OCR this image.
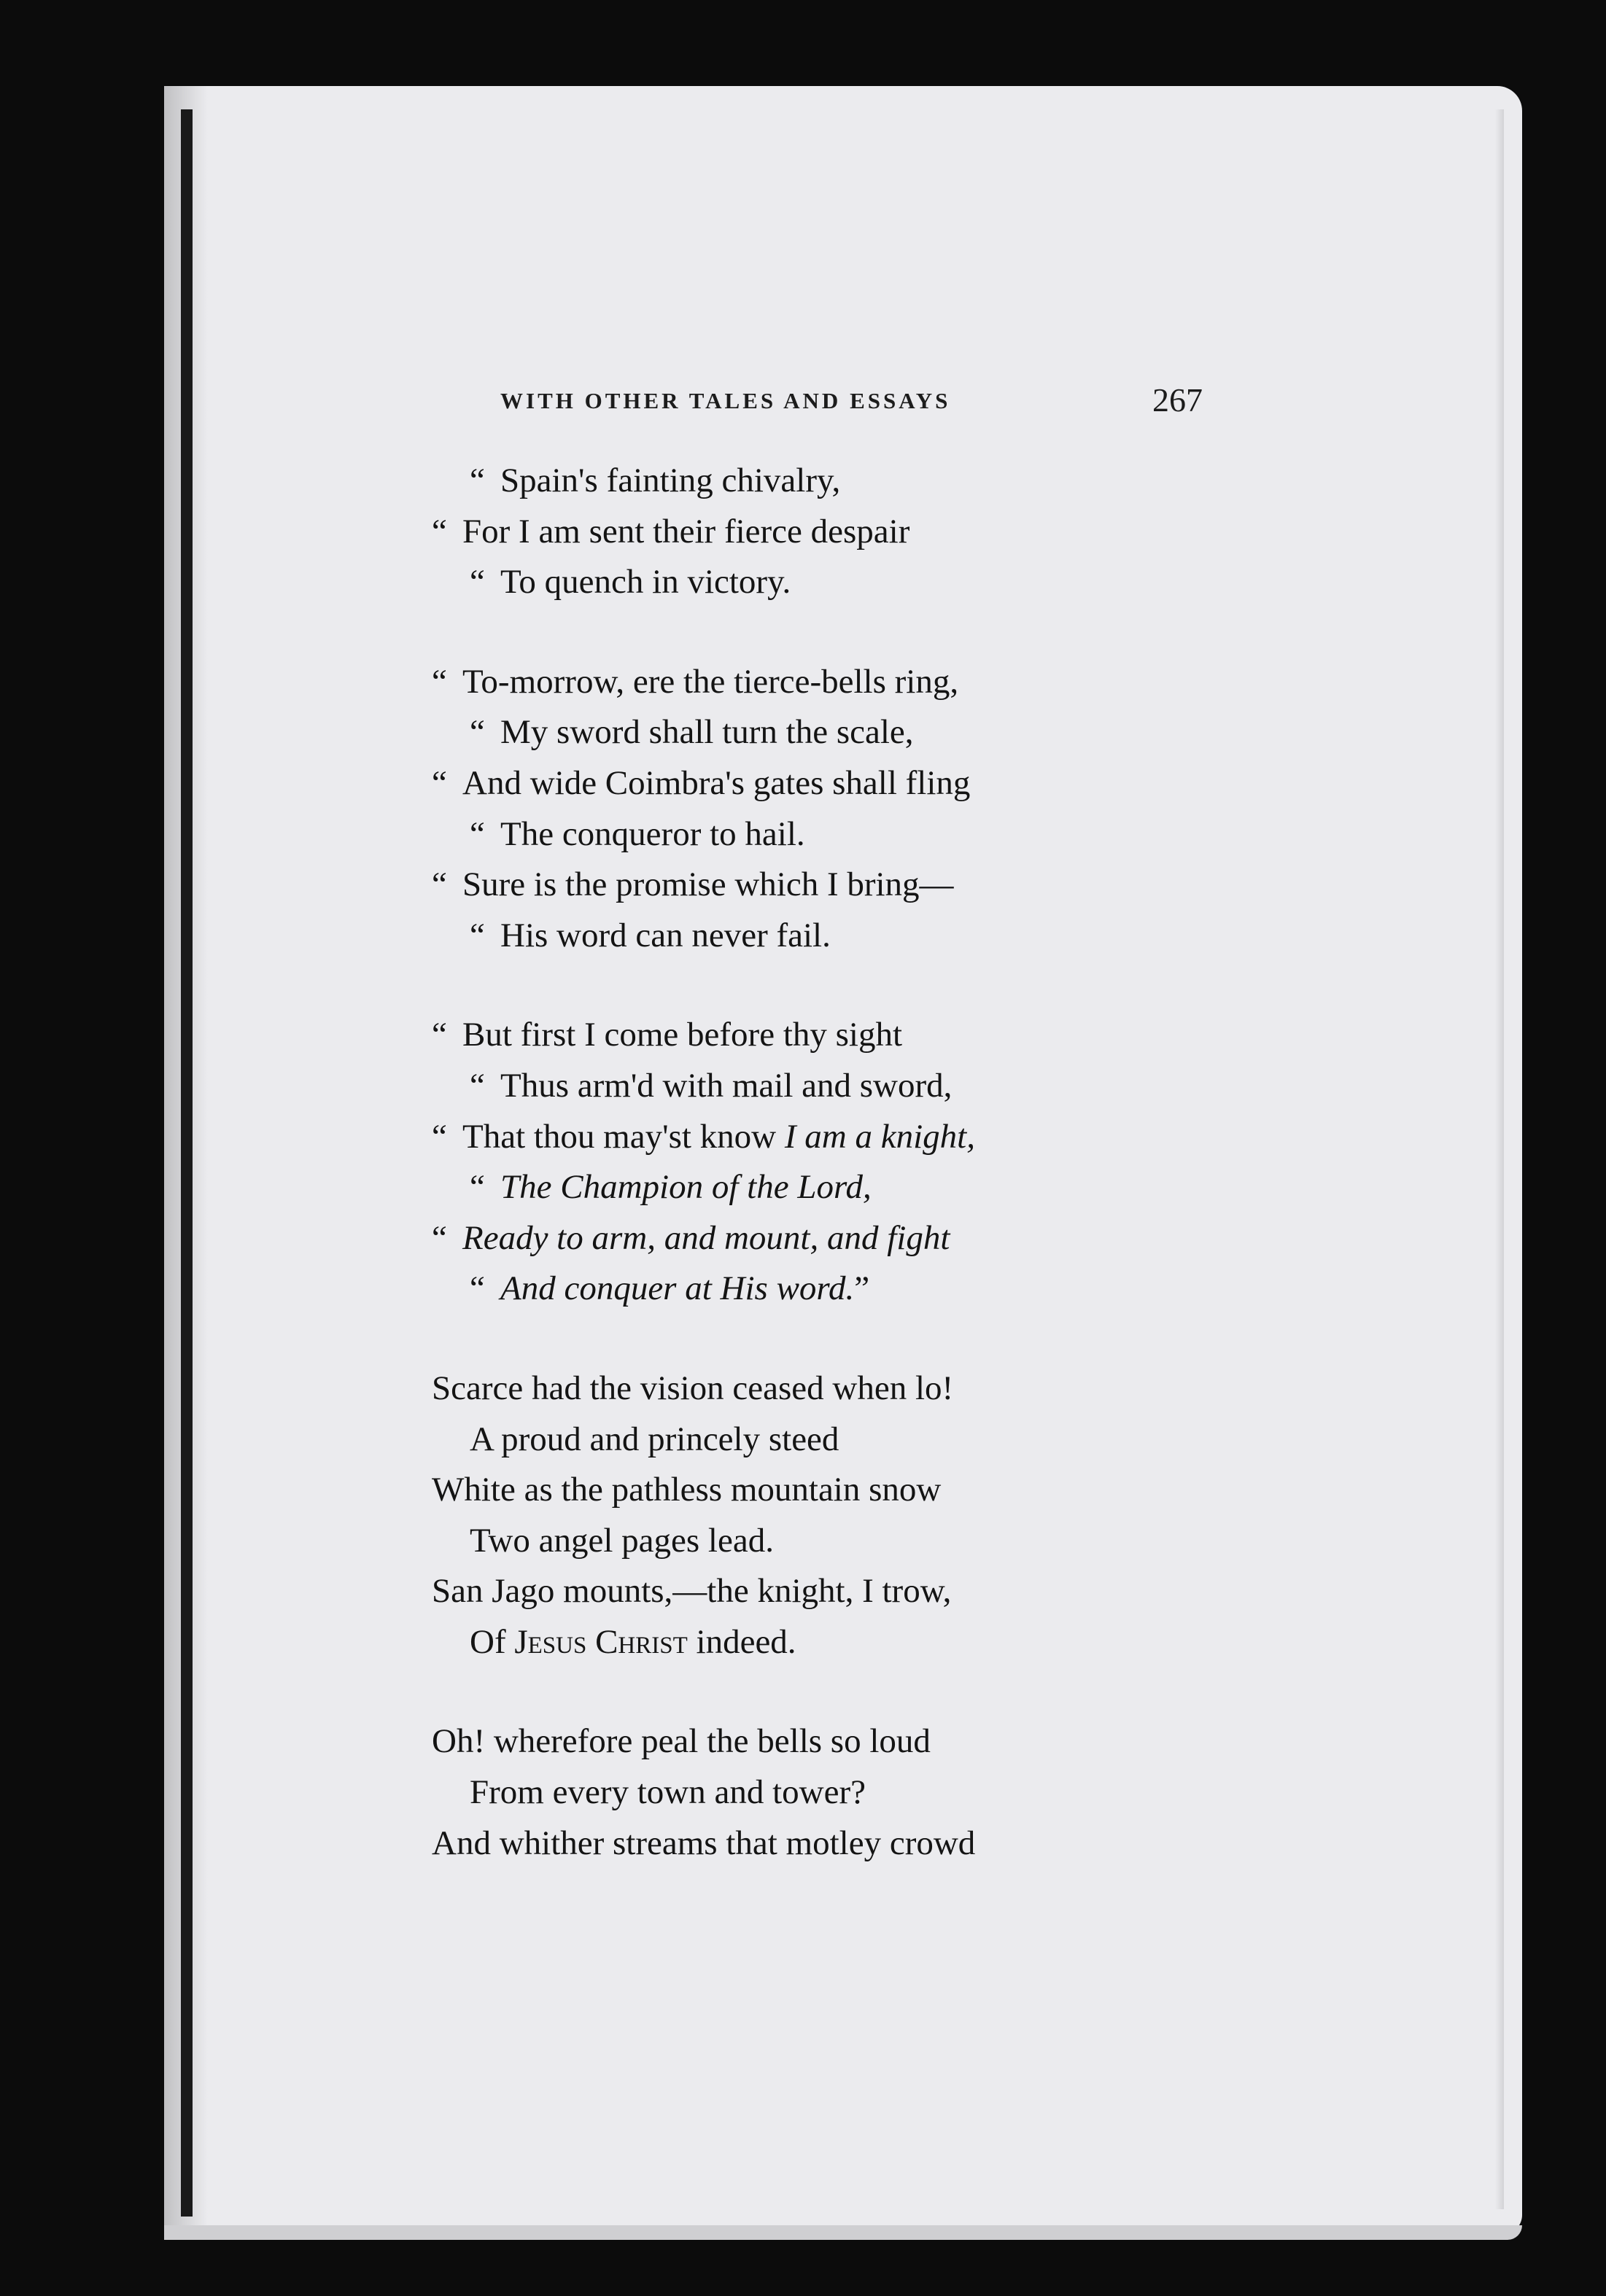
WITH OTHER TALES AND ESSAYS	267
“ Spain's fainting chivalry,
“ For I am sent their fierce despair
“ To quench in victory.
“ To-morrow, ere the tierce-bells ring,
“ My sword shall turn the scale,
“ And wide Coimbra's gates shall fling
“ The conqueror to hail.
“ Sure is the promise which I bring—
“ His word can never fail.
“ But first I come before thy sight
“ Thus arm'd with mail and sword,
“ That thou may'st know I am a knight,
“ The Champion of the Lord,
“ Ready to arm, and mount, and fight
“ And conquer at His word.”
Scarce had the vision ceased when lo!
A proud and princely steed
White as the pathless mountain snow
Two angel pages lead.
San Jago mounts,—the knight, I trow,
Of Jesus Christ indeed.
Oh! wherefore peal the bells so loud
From every town and tower?
And whither streams that motley crowd
